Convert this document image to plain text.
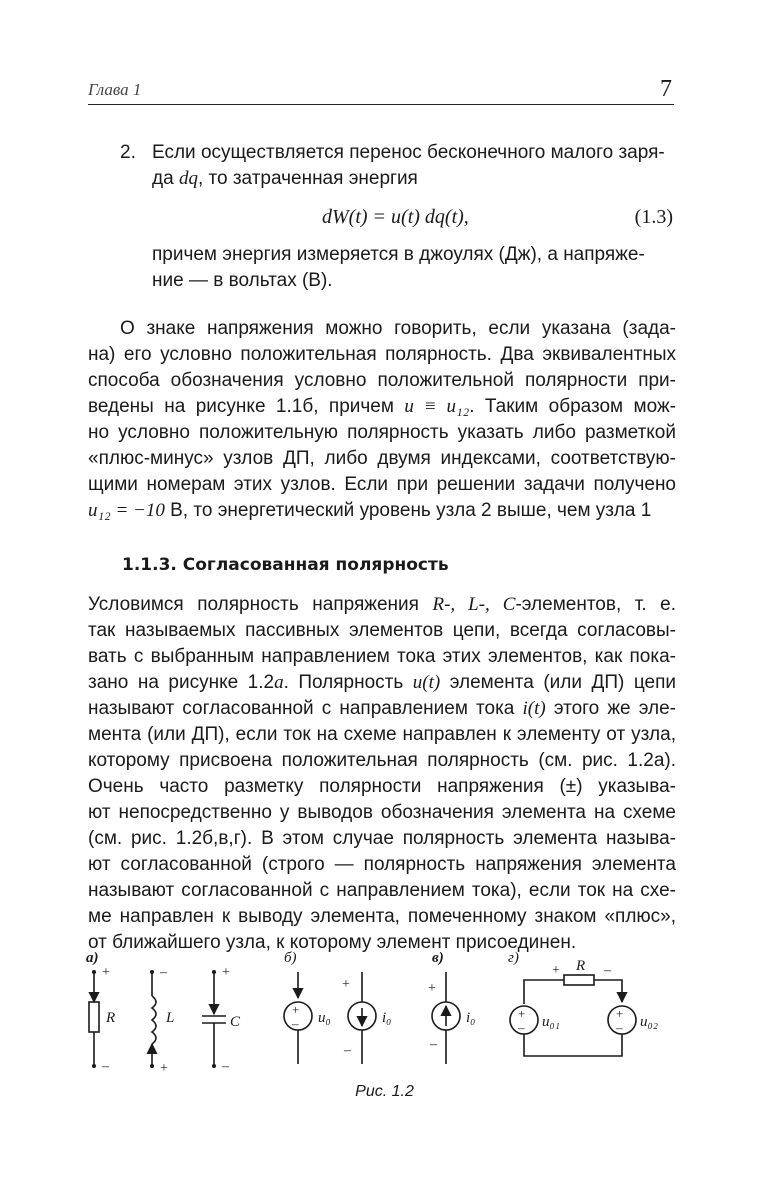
Глава 1	7
2. Если осуществляется перенос бесконечного малого заря-
да dq, то затраченная энергия
причем энергия измеряется в джоулях (Дж), а напряже-
ние — в вольтах (В).
dW(t) = u(t) dq(t),	(1.3)
О знаке напряжения можно говорить, если указана (зада-
на) его условно положительная полярность. Два эквивалентных
способа обозначения условно положительной полярности при-
ведены на рисунке 1.1б, причем u ≡ u₁₂. Таким образом мож-
но условно положительную полярность указать либо разметкой
«плюс-минус» узлов ДП, либо двумя индексами, соответствую-
щими номерам этих узлов. Если при решении задачи получено
u₁₂ = −10 В, то энергетический уровень узла 2 выше, чем узла 1
1.1.3. Согласованная полярность
Условимся полярность напряжения R-, L-, C-элементов, т. е.
так называемых пассивных элементов цепи, всегда согласовы-
вать с выбранным направлением тока этих элементов, как пока-
зано на рисунке 1.2а. Полярность u(t) элемента (или ДП) цепи
называют согласованной с направлением тока i(t) этого же эле-
мента (или ДП), если ток на схеме направлен к элементу от узла,
которому присвоена положительная полярность (см. рис. 1.2а).
Очень часто разметку полярности напряжения (±) указыва-
ют непосредственно у выводов обозначения элемента на схеме
(см. рис. 1.2б,в,г). В этом случае полярность элемента называ-
ют согласованной (строго — полярность напряжения элемента
называют согласованной с направлением тока), если ток на схе-
ме направлен к выводу элемента, помеченному знаком «плюс»,
от ближайшего узла, к которому элемент присоединен.
а)
+
–
R
–
+
L
+
–
C
б)
+
– u₀
+
–
i₀
в)
+
–
i₀
г)
+ R –
+
–
+
–
u₀₁	u₀₂
Рис. 1.2
